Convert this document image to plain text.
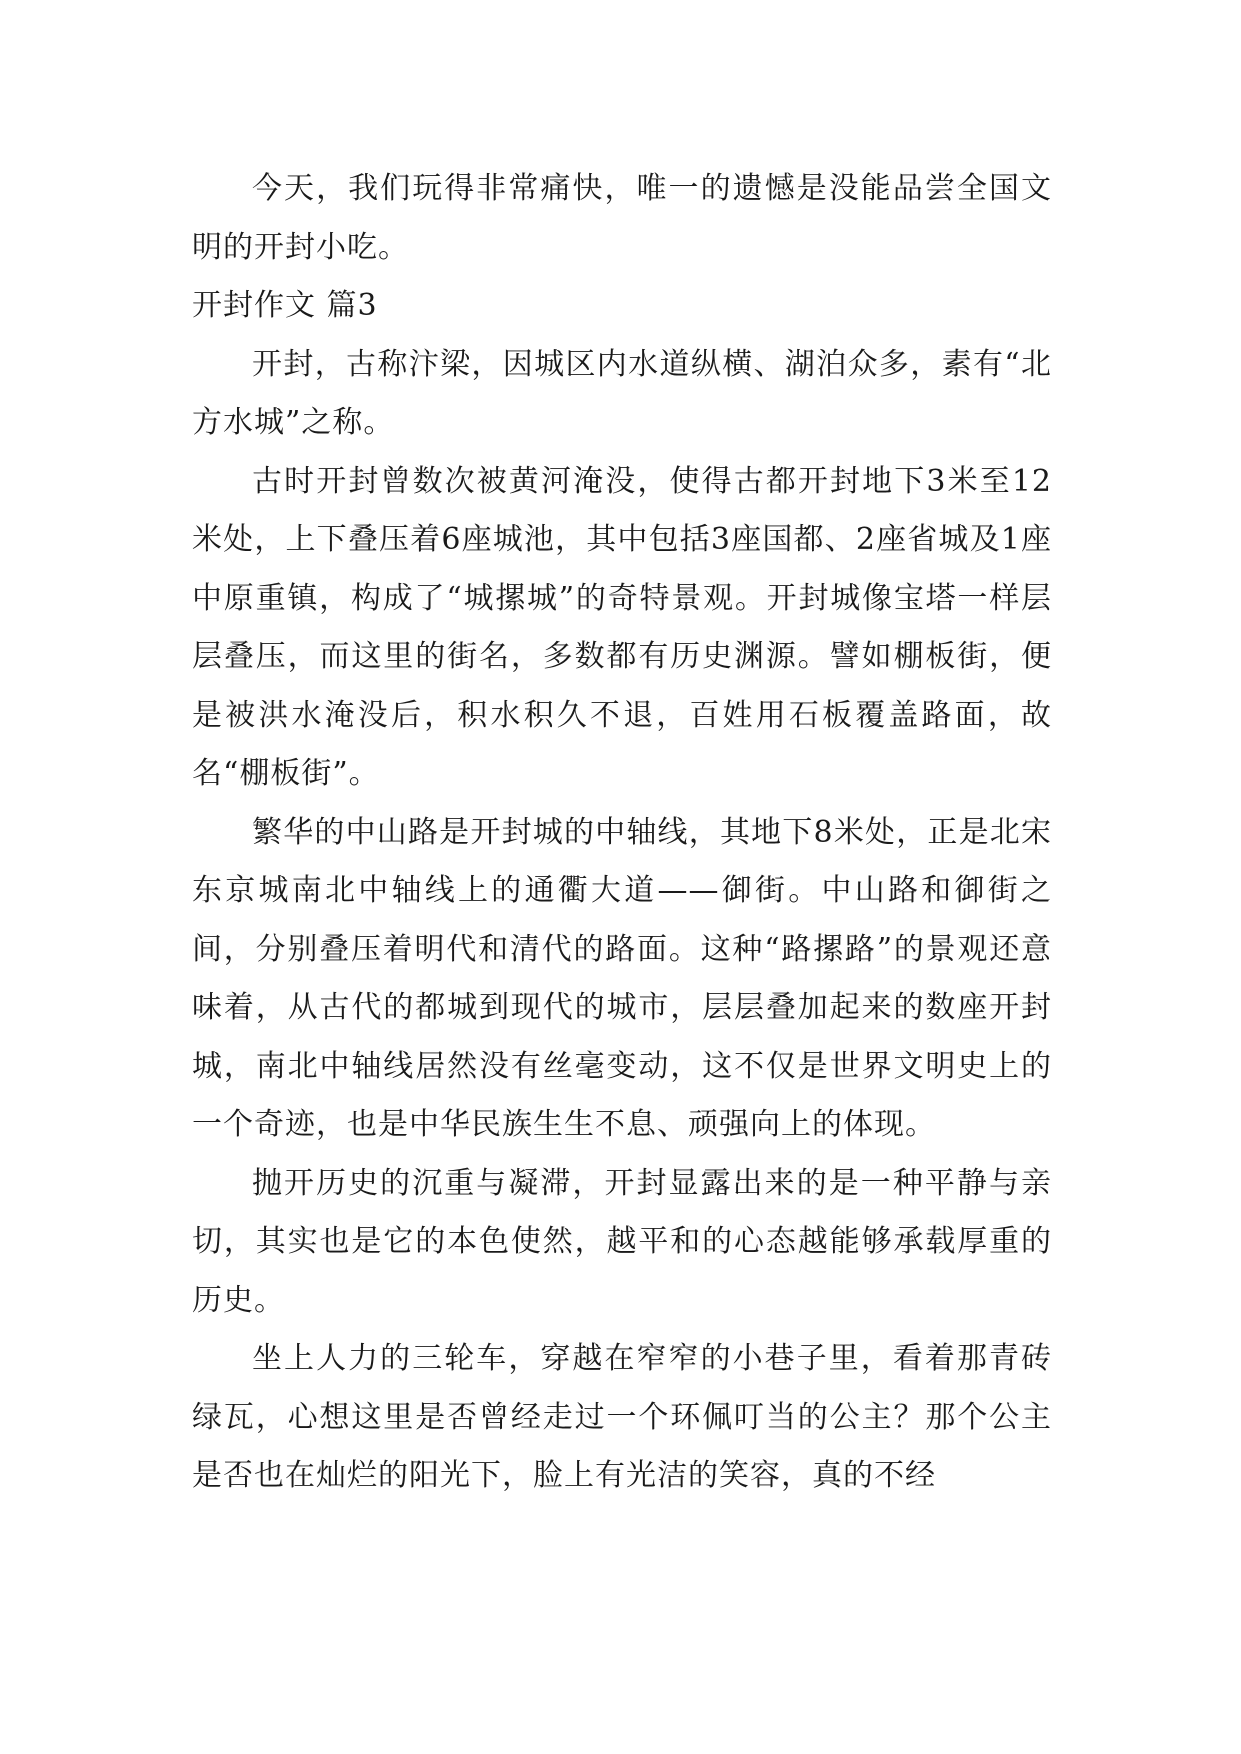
今天，我们玩得非常痛快，唯一的遗憾是没能品尝全国文明的开封小吃。

开封作文 篇3

开封，古称汴梁，因城区内水道纵横、湖泊众多，素有“北方水城”之称。

古时开封曾数次被黄河淹没，使得古都开封地下3米至12米处，上下叠压着6座城池，其中包括3座国都、2座省城及1座中原重镇，构成了“城摞城”的奇特景观。开封城像宝塔一样层层叠压，而这里的街名，多数都有历史渊源。譬如棚板街，便是被洪水淹没后，积水积久不退，百姓用石板覆盖路面，故名“棚板街”。

繁华的中山路是开封城的中轴线，其地下8米处，正是北宋东京城南北中轴线上的通衢大道——御街。中山路和御街之间，分别叠压着明代和清代的路面。这种“路摞路”的景观还意味着，从古代的都城到现代的城市，层层叠加起来的数座开封城，南北中轴线居然没有丝毫变动，这不仅是世界文明史上的一个奇迹，也是中华民族生生不息、顽强向上的体现。

抛开历史的沉重与凝滞，开封显露出来的是一种平静与亲切，其实也是它的本色使然，越平和的心态越能够承载厚重的历史。

坐上人力的三轮车，穿越在窄窄的小巷子里，看着那青砖绿瓦，心想这里是否曾经走过一个环佩叮当的公主？那个公主是否也在灿烂的阳光下，脸上有光洁的笑容，真的不经
